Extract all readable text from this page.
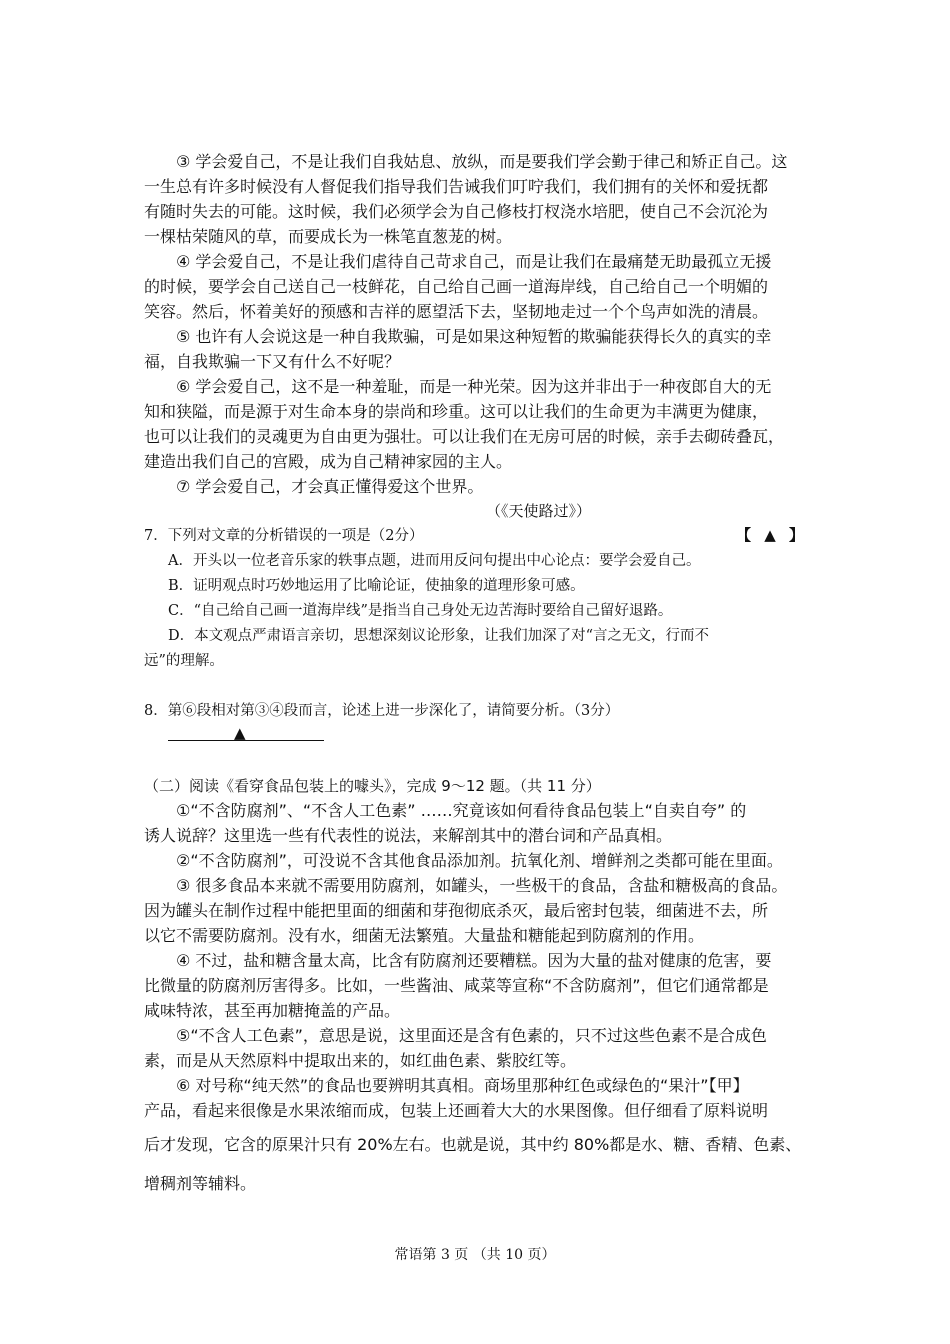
③ 学会爱自己，不是让我们自我姑息、放纵，而是要我们学会勤于律己和矫正自己。这
一生总有许多时候没有人督促我们指导我们告诫我们叮咛我们，我们拥有的关怀和爱抚都
有随时失去的可能。这时候，我们必须学会为自己修枝打杈浇水培肥，使自己不会沉沦为
一棵枯荣随风的草，而要成长为一株笔直葱茏的树。
④ 学会爱自己，不是让我们虐待自己苛求自己，而是让我们在最痛楚无助最孤立无援
的时候，要学会自己送自己一枝鲜花，自己给自己画一道海岸线，自己给自己一个明媚的
笑容。然后，怀着美好的预感和吉祥的愿望活下去，坚韧地走过一个个鸟声如洗的清晨。
⑤ 也许有人会说这是一种自我欺骗，可是如果这种短暂的欺骗能获得长久的真实的幸
福，自我欺骗一下又有什么不好呢？
⑥ 学会爱自己，这不是一种羞耻，而是一种光荣。因为这并非出于一种夜郎自大的无
知和狭隘，而是源于对生命本身的崇尚和珍重。这可以让我们的生命更为丰满更为健康，
也可以让我们的灵魂更为自由更为强壮。可以让我们在无房可居的时候，亲手去砌砖叠瓦，
建造出我们自己的宫殿，成为自己精神家园的主人。
⑦ 学会爱自己，才会真正懂得爱这个世界。
（《天使路过》）
7．下列对文章的分析错误的一项是（2分）	【 ▲ 】
A．开头以一位老音乐家的轶事点题，进而用反问句提出中心论点：要学会爱自己。
B．证明观点时巧妙地运用了比喻论证，使抽象的道理形象可感。
C．“自己给自己画一道海岸线”是指当自己身处无边苦海时要给自己留好退路。
D．本文观点严肃语言亲切，思想深刻议论形象，让我们加深了对“言之无文，行而不
远”的理解。
8．第⑥段相对第③④段而言，论述上进一步深化了，请简要分析。（3分）
▲
（二）阅读《看穿食品包装上的噱头》，完成 9～12 题。（共 11 分）
①“不含防腐剂”、“不含人工色素” ……究竟该如何看待食品包装上“自卖自夸” 的
诱人说辞？这里选一些有代表性的说法，来解剖其中的潜台词和产品真相。
②“不含防腐剂”，可没说不含其他食品添加剂。抗氧化剂、增鲜剂之类都可能在里面。
③ 很多食品本来就不需要用防腐剂，如罐头，一些极干的食品，含盐和糖极高的食品。
因为罐头在制作过程中能把里面的细菌和芽孢彻底杀灭，最后密封包装，细菌进不去，所
以它不需要防腐剂。没有水，细菌无法繁殖。大量盐和糖能起到防腐剂的作用。
④ 不过，盐和糖含量太高，比含有防腐剂还要糟糕。因为大量的盐对健康的危害，要
比微量的防腐剂厉害得多。比如，一些酱油、咸菜等宣称“不含防腐剂”，但它们通常都是
咸味特浓，甚至再加糖掩盖的产品。
⑤“不含人工色素”，意思是说，这里面还是含有色素的，只不过这些色素不是合成色
素，而是从天然原料中提取出来的，如红曲色素、紫胶红等。
⑥ 对号称“纯天然”的食品也要辨明其真相。商场里那种红色或绿色的“果汁”【甲】
产品，看起来很像是水果浓缩而成，包装上还画着大大的水果图像。但仔细看了原料说明
后才发现，它含的原果汁只有 20%左右。也就是说，其中约 80%都是水、糖、香精、色素、
增稠剂等辅料。
常语第 3 页 （共 10 页）
